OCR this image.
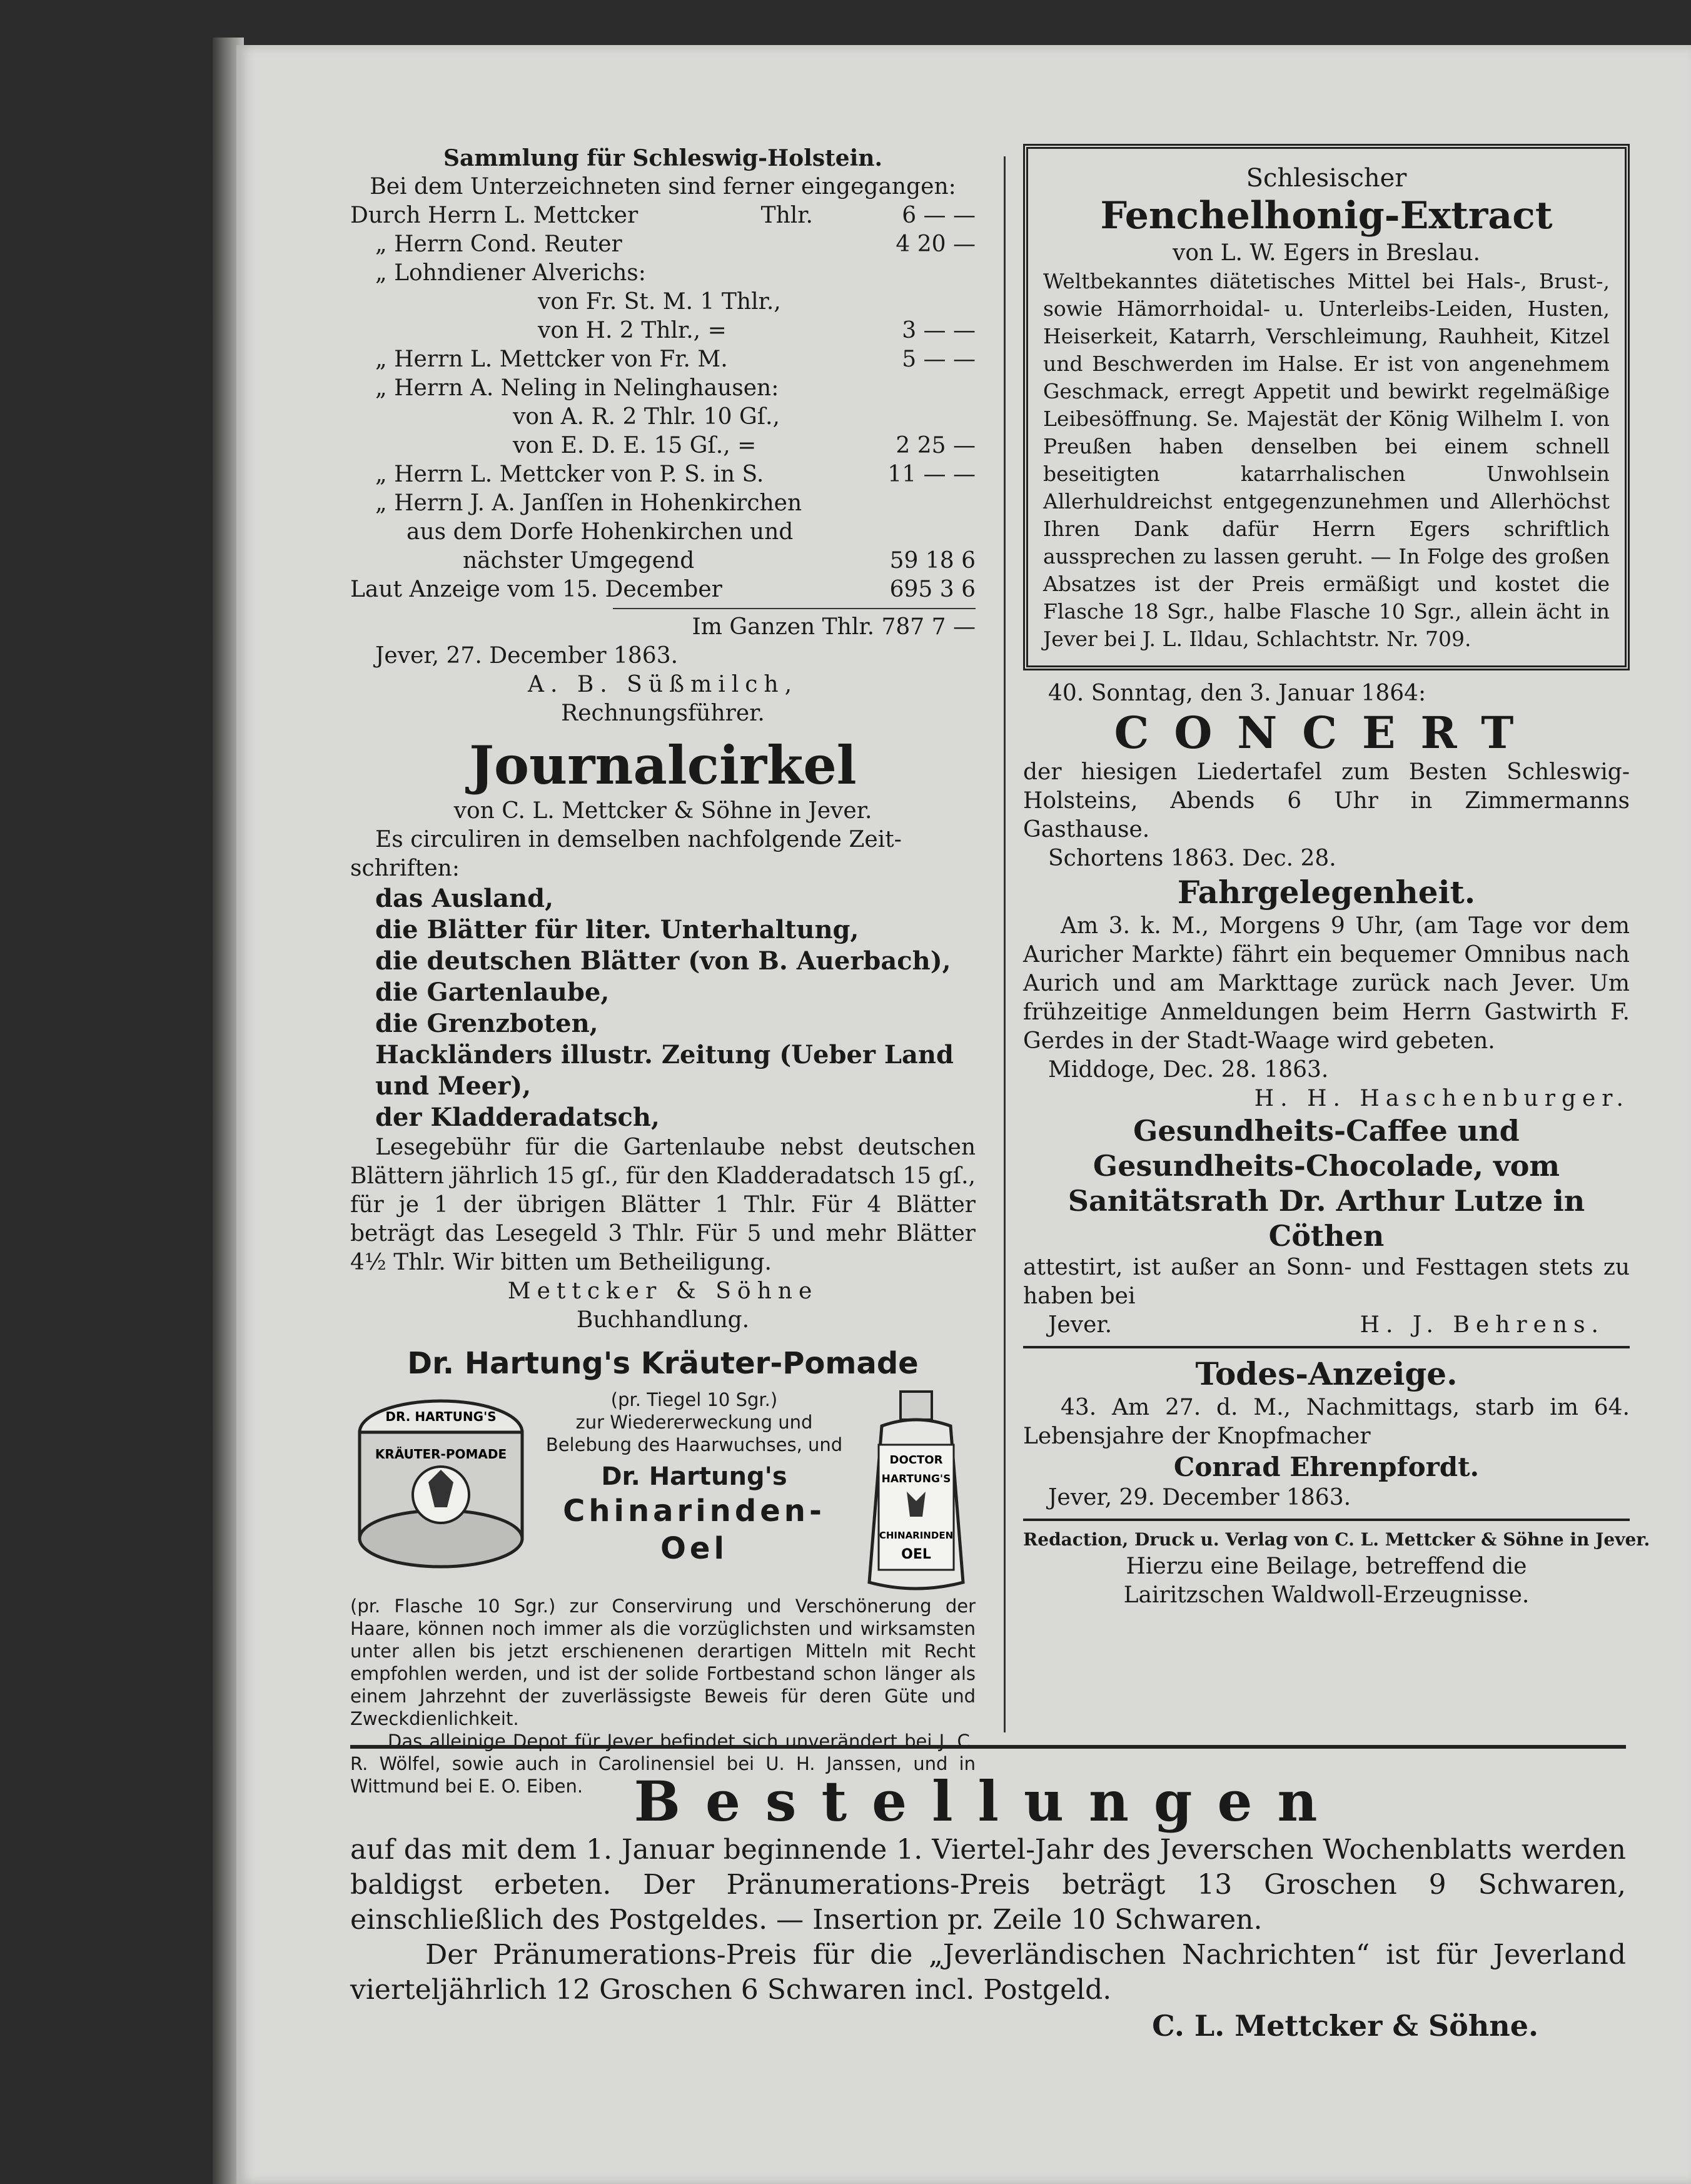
Sammlung für Schleswig-Holstein.
Bei dem Unterzeichneten sind ferner eingegangen:
Durch Herrn L. Mettcker	Thlr.	6 — —
„ Herrn Cond. Reuter	4 20 —
„ Lohndiener Alverichs:
von Fr. St. M. 1 Thlr.,
von H. 2 Thlr., =	3 — —
„ Herrn L. Mettcker von Fr. M.	5 — —
„ Herrn A. Neling in Nelinghausen:
von A. R. 2 Thlr. 10 Gſ.,
von E. D. E. 15 Gſ., =	2 25 —
„ Herrn L. Mettcker von P. S. in S.	11 — —
„ Herrn J. A. Janſſen in Hohenkirchen
aus dem Dorfe Hohenkirchen und
nächster Umgegend	59 18 6
Laut Anzeige vom 15. December	695 3 6
Im Ganzen Thlr. 787 7 —
Jever, 27. December 1863.
A. B. Süßmilch,
Rechnungsführer.
Journalcirkel
von C. L. Mettcker & Söhne in Jever.
Es circuliren in demselben nachfolgende Zeit-
schriften:
das Ausland,
die Blätter für liter. Unterhaltung,
die deutschen Blätter (von B. Auerbach),
die Gartenlaube,
die Grenzboten,
Hackländers illustr. Zeitung (Ueber Land
und Meer),
der Kladderadatsch,
Lesegebühr für die Gartenlaube nebst deutschen Blättern jährlich 15 gſ., für den Kladderadatsch 15 gſ., für je 1 der übrigen Blätter 1 Thlr. Für 4 Blätter beträgt das Lesegeld 3 Thlr. Für 5 und mehr Blätter 4½ Thlr. Wir bitten um Betheiligung.
Mettcker & Söhne
Buchhandlung.
Dr. Hartung's Kräuter-Pomade
DR. HARTUNG'S
KRÄUTER-POMADE
(pr. Tiegel 10 Sgr.)
zur Wiedererweckung und Belebung des Haarwuchses, und
Dr. Hartung's
Chinarinden-Oel
DOCTOR
HARTUNG'S
CHINARINDEN
OEL
(pr. Flasche 10 Sgr.) zur Conservirung und Verschönerung der Haare, können noch immer als die vorzüglichsten und wirksamsten unter allen bis jetzt erschienenen derartigen Mitteln mit Recht empfohlen werden, und ist der solide Fortbestand schon länger als einem Jahrzehnt der zuverlässigste Beweis für deren Güte und Zweckdienlichkeit.
Das alleinige Depot für Jever befindet sich unverändert bei J. C. R. Wölfel, sowie auch in Carolinensiel bei U. H. Janssen, und in Wittmund bei E. O. Eiben.
Schlesischer
Fenchelhonig-Extract
von L. W. Egers in Breslau.
Weltbekanntes diätetisches Mittel bei Hals-, Brust-, sowie Hämorrhoidal- u. Unterleibs-Leiden, Husten, Heiserkeit, Katarrh, Verschleimung, Rauhheit, Kitzel und Beschwerden im Halse. Er ist von angenehmem Geschmack, erregt Appetit und bewirkt regelmäßige Leibesöffnung. Se. Majestät der König Wilhelm I. von Preußen haben denselben bei einem schnell beseitigten katarrhalischen Unwohlsein Allerhuldreichst entgegenzunehmen und Allerhöchst Ihren Dank dafür Herrn Egers schriftlich aussprechen zu lassen geruht. — In Folge des großen Absatzes ist der Preis ermäßigt und kostet die Flasche 18 Sgr., halbe Flasche 10 Sgr., allein ächt in Jever bei J. L. Ildau, Schlachtstr. Nr. 709.
40. Sonntag, den 3. Januar 1864:
CONCERT
der hiesigen Liedertafel zum Besten Schleswig-Holsteins, Abends 6 Uhr in Zimmermanns Gasthause.
Schortens 1863. Dec. 28.
Fahrgelegenheit.
Am 3. k. M., Morgens 9 Uhr, (am Tage vor dem Auricher Markte) fährt ein bequemer Omnibus nach Aurich und am Markttage zurück nach Jever. Um frühzeitige Anmeldungen beim Herrn Gastwirth F. Gerdes in der Stadt-Waage wird gebeten.
Middoge, Dec. 28. 1863.
H. H. Haschenburger.
Gesundheits-Caffee und Gesundheits-Chocolade, vom Sanitätsrath Dr. Arthur Lutze in Cöthen
attestirt, ist außer an Sonn- und Festtagen stets zu haben bei
Jever.	H. J. Behrens.
Todes-Anzeige.
43. Am 27. d. M., Nachmittags, starb im 64. Lebensjahre der Knopfmacher
Conrad Ehrenpfordt.
Jever, 29. December 1863.
Redaction, Druck u. Verlag von C. L. Mettcker & Söhne in Jever.
Hierzu eine Beilage, betreffend die Lairitzschen Waldwoll-Erzeugnisse.
Bestellungen
auf das mit dem 1. Januar beginnende 1. Viertel-Jahr des Jeverschen Wochenblatts werden baldigst erbeten. Der Pränumerations-Preis beträgt 13 Groschen 9 Schwaren, einschließlich des Postgeldes. — Insertion pr. Zeile 10 Schwaren.
Der Pränumerations-Preis für die „Jeverländischen Nachrichten“ ist für Jeverland vierteljährlich 12 Groschen 6 Schwaren incl. Postgeld.
C. L. Mettcker & Söhne.
